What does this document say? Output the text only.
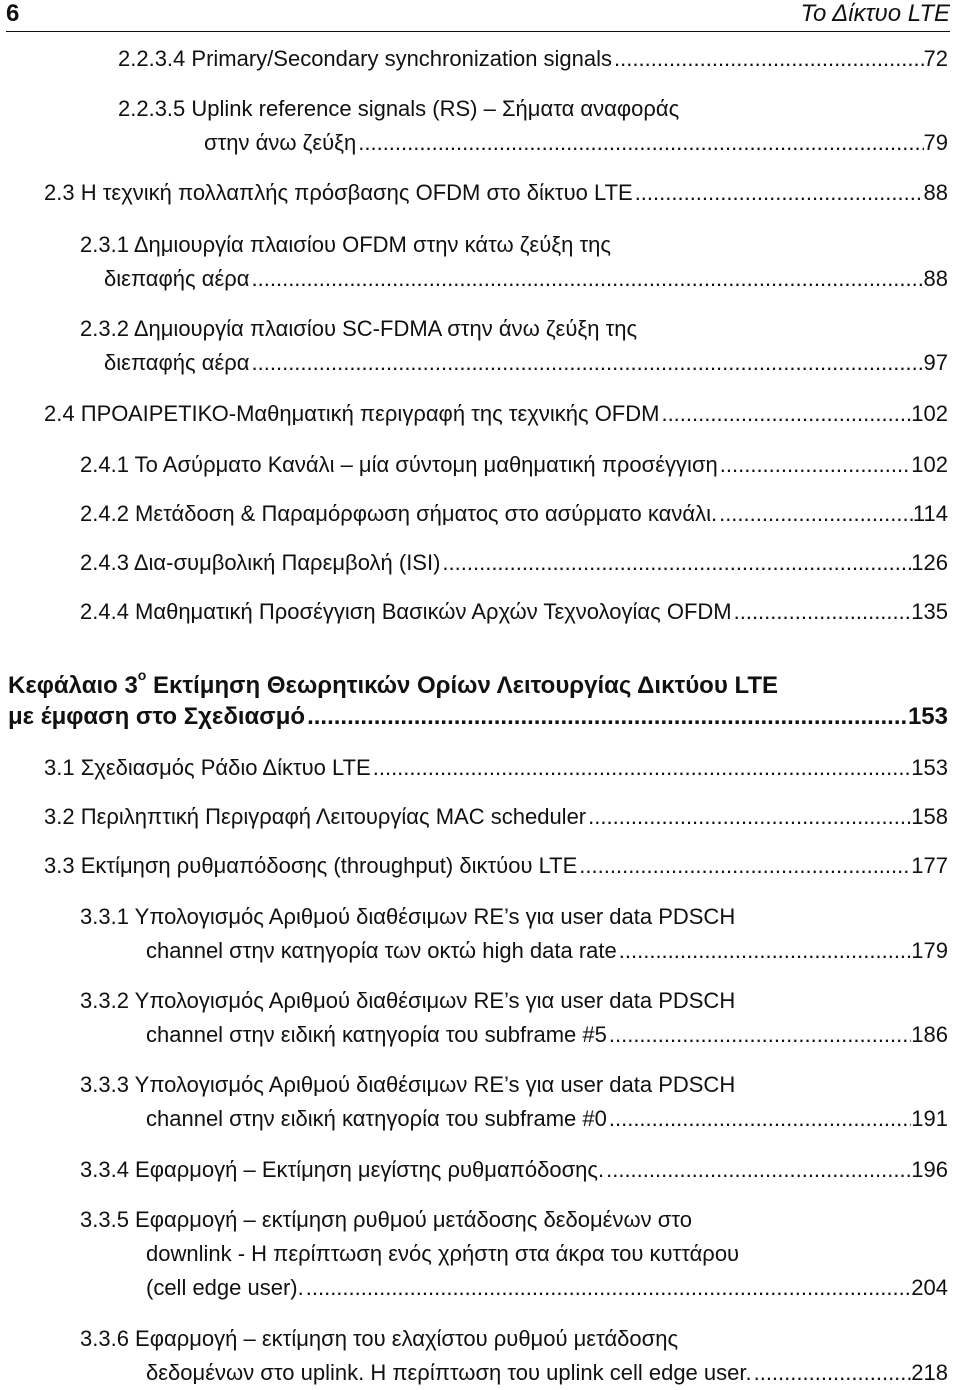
6	Το Δίκτυο LTE
2.2.3.4 Primary/Secondary synchronization signals .....	72
2.2.3.5 Uplink reference signals (RS) – Σήματα αναφοράς
στην άνω ζεύξη .....	79
2.3 Η τεχνική πολλαπλής πρόσβασης OFDM στο δίκτυο LTE .....	88
2.3.1 Δημιουργία πλαισίου OFDM στην κάτω ζεύξη της
διεπαφής αέρα .....	88
2.3.2 Δημιουργία πλαισίου SC-FDMA στην άνω ζεύξη της
διεπαφής αέρα .....	97
2.4 ΠΡΟΑΙΡΕΤΙΚΟ-Μαθηματική περιγραφή της τεχνικής OFDM .....	102
2.4.1 Το Ασύρματο Κανάλι – μία σύντομη μαθηματική προσέγγιση .....	102
2.4.2 Μετάδοση & Παραμόρφωση σήματος στο ασύρματο κανάλι. .....	114
2.4.3 Δια-συμβολική Παρεμβολή (ISI) .....	126
2.4.4 Μαθηματική Προσέγγιση Βασικών Αρχών Τεχνολογίας OFDM .....	135
Κεφάλαιο $3^o$ Εκτίμηση Θεωρητικών Ορίων Λειτουργίας Δικτύου LTE
με έμφαση στο Σχεδιασμό .....	153
3.1 Σχεδιασμός Ράδιο Δίκτυο LTE .....	153
3.2 Περιληπτική Περιγραφή Λειτουργίας MAC scheduler .....	158
3.3 Εκτίμηση ρυθμαπόδοσης (throughput) δικτύου LTE .....	177
3.3.1 Υπολογισμός Αριθμού διαθέσιμων RE’s για user data PDSCH
channel στην κατηγορία των οκτώ high data rate .....	179
3.3.2 Υπολογισμός Αριθμού διαθέσιμων RE’s για user data PDSCH
channel στην ειδική κατηγορία του subframe #5 .....	186
3.3.3 Υπολογισμός Αριθμού διαθέσιμων RE’s για user data PDSCH
channel στην ειδική κατηγορία του subframe #0 .....	191
3.3.4 Εφαρμογή – Εκτίμηση μεγίστης ρυθμαπόδοσης. .....	196
3.3.5 Εφαρμογή – εκτίμηση ρυθμού μετάδοσης δεδομένων στο
downlink - Η περίπτωση ενός χρήστη στα άκρα του κυττάρου
(cell edge user). .....	204
3.3.6 Εφαρμογή – εκτίμηση του ελαχίστου ρυθμού μετάδοσης
δεδομένων στο uplink. Η περίπτωση του uplink cell edge user. .....	218
